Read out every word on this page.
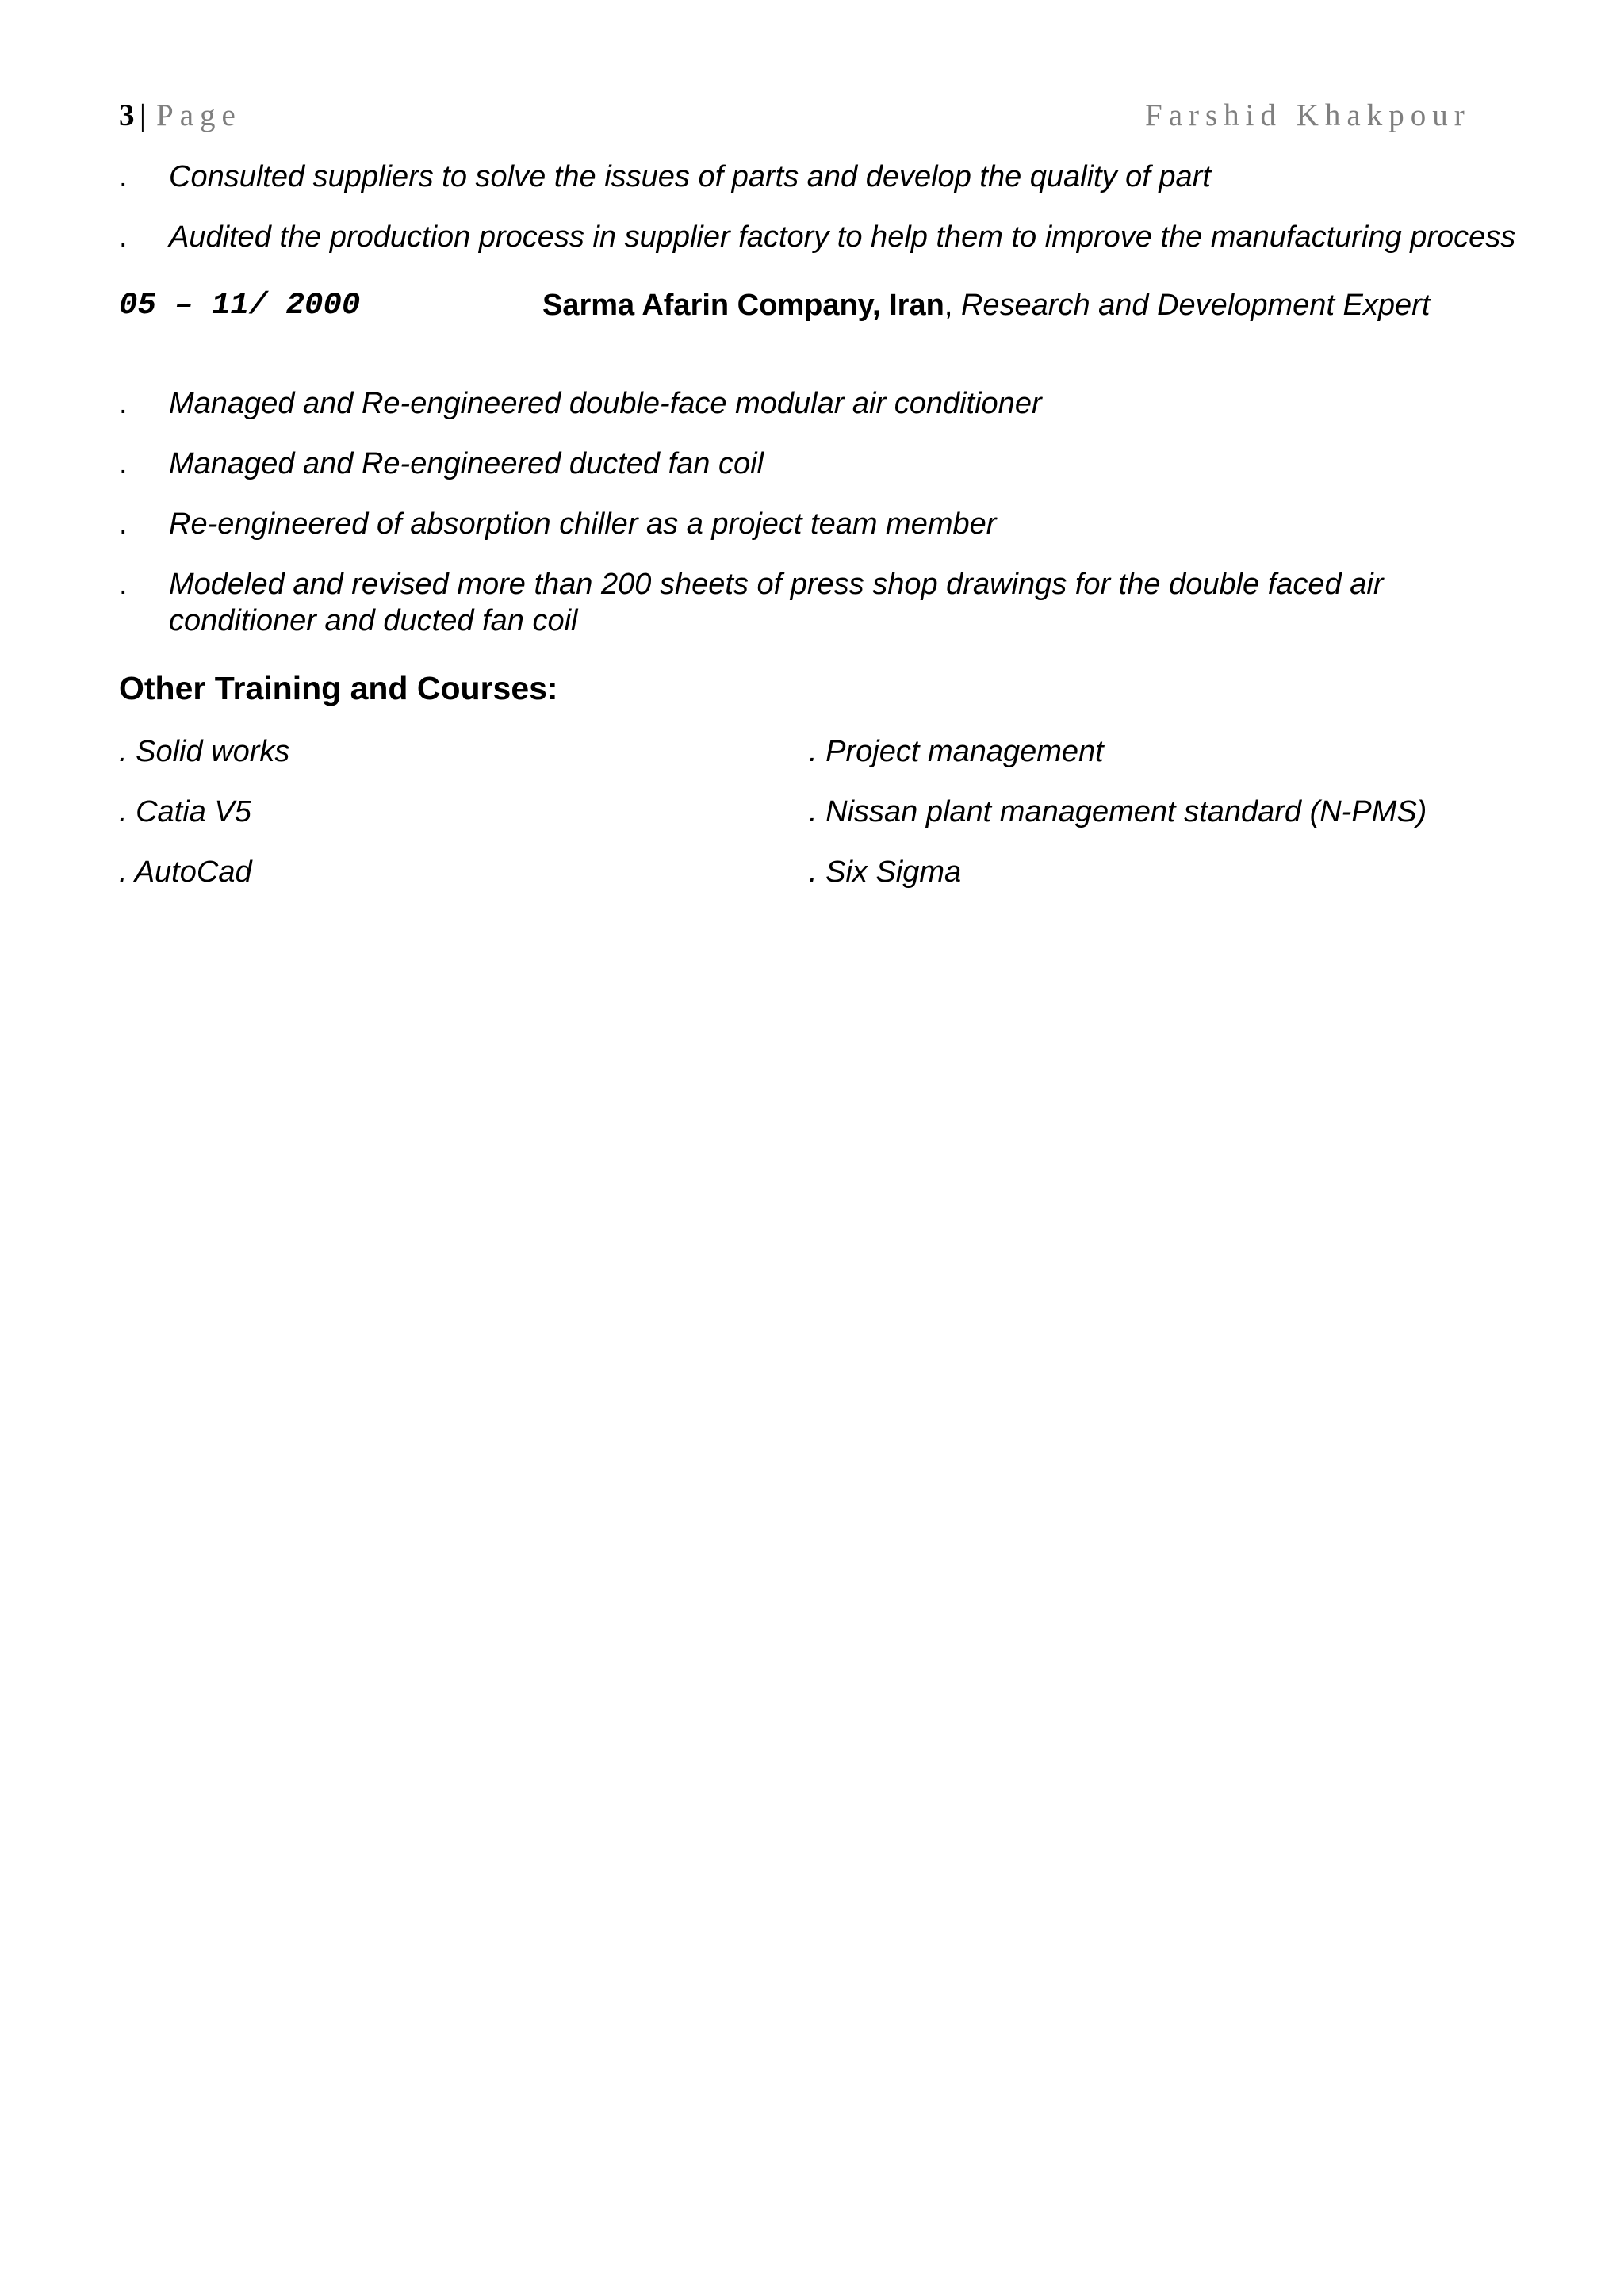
3 | Page	Farshid Khakpour
. Consulted suppliers to solve the issues of parts and develop the quality of part
. Audited the production process in supplier factory to help them to improve the manufacturing process
05 – 11/ 2000	Sarma Afarin Company, Iran, Research and Development Expert
. Managed and Re-engineered double-face modular air conditioner
. Managed and Re-engineered ducted fan coil
. Re-engineered of absorption chiller as a project team member
. Modeled and revised more than 200 sheets of press shop drawings for the double faced air
conditioner and ducted fan coil
Other Training and Courses:
. Solid works
. Catia V5
. AutoCad
. Project management
. Nissan plant management standard (N-PMS)
. Six Sigma
